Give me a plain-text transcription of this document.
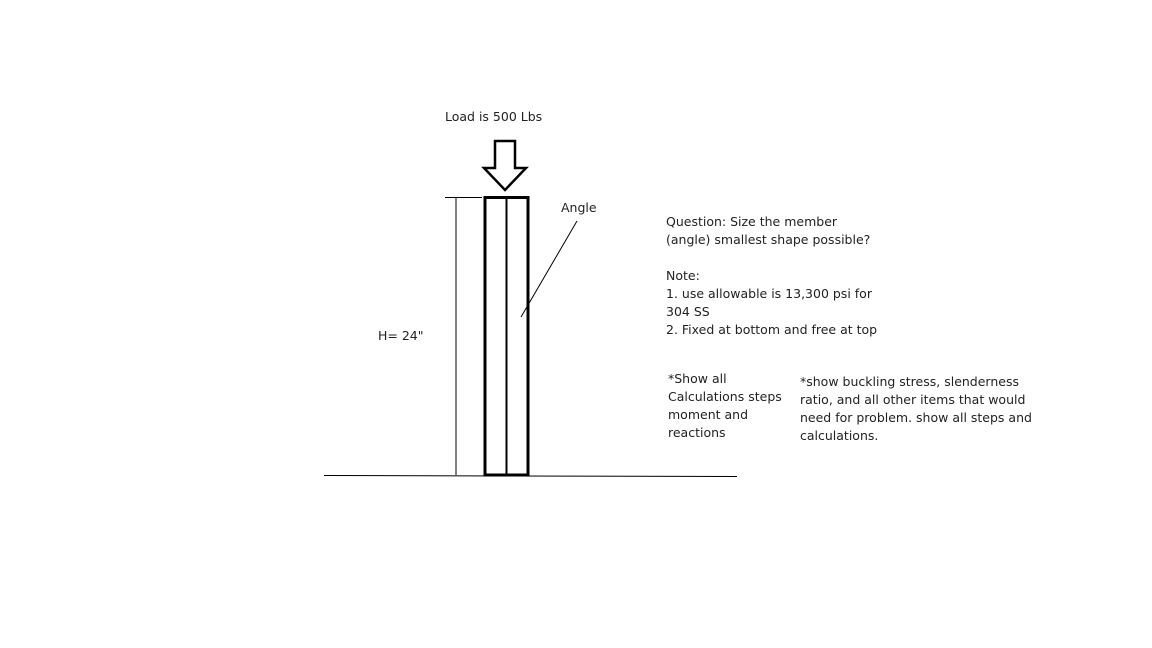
Load is 500 Lbs
Angle
H= 24"
Question: Size the member
(angle) smallest shape possible?
Note:
1. use allowable is 13,300 psi for
304 SS
2. Fixed at bottom and free at top
*Show all
Calculations steps
moment and
reactions
*show buckling stress, slenderness
ratio, and all other items that would
need for problem. show all steps and
calculations.
